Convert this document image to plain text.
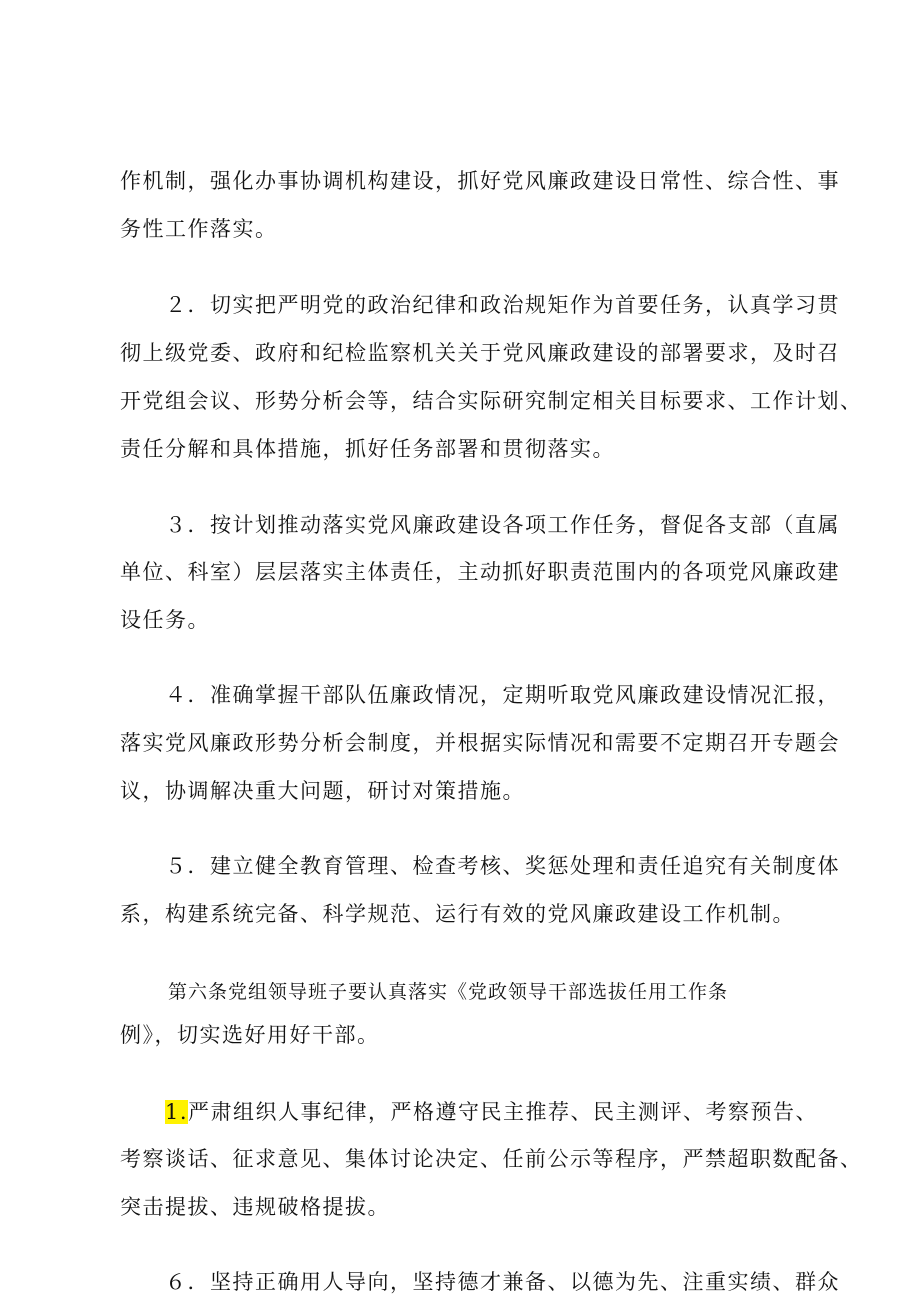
作机制，强化办事协调机构建设，抓好党风廉政建设日常性、综合性、事
务性工作落实。
２．切实把严明党的政治纪律和政治规矩作为首要任务，认真学习贯
彻上级党委、政府和纪检监察机关关于党风廉政建设的部署要求，及时召
开党组会议、形势分析会等，结合实际研究制定相关目标要求、工作计划、
责任分解和具体措施，抓好任务部署和贯彻落实。
３．按计划推动落实党风廉政建设各项工作任务，督促各支部（直属
单位、科室）层层落实主体责任，主动抓好职责范围内的各项党风廉政建
设任务。
４．准确掌握干部队伍廉政情况，定期听取党风廉政建设情况汇报，
落实党风廉政形势分析会制度，并根据实际情况和需要不定期召开专题会
议，协调解决重大问题，研讨对策措施。
５．建立健全教育管理、检查考核、奖惩处理和责任追究有关制度体
系，构建系统完备、科学规范、运行有效的党风廉政建设工作机制。
第六条党组领导班子要认真落实《党政领导干部选拔任用工作条
例》，切实选好用好干部。
1.严肃组织人事纪律，严格遵守民主推荐、民主测评、考察预告、
考察谈话、征求意见、集体讨论决定、任前公示等程序，严禁超职数配备、
突击提拔、违规破格提拔。
６．坚持正确用人导向，坚持德才兼备、以德为先、注重实绩、群众
